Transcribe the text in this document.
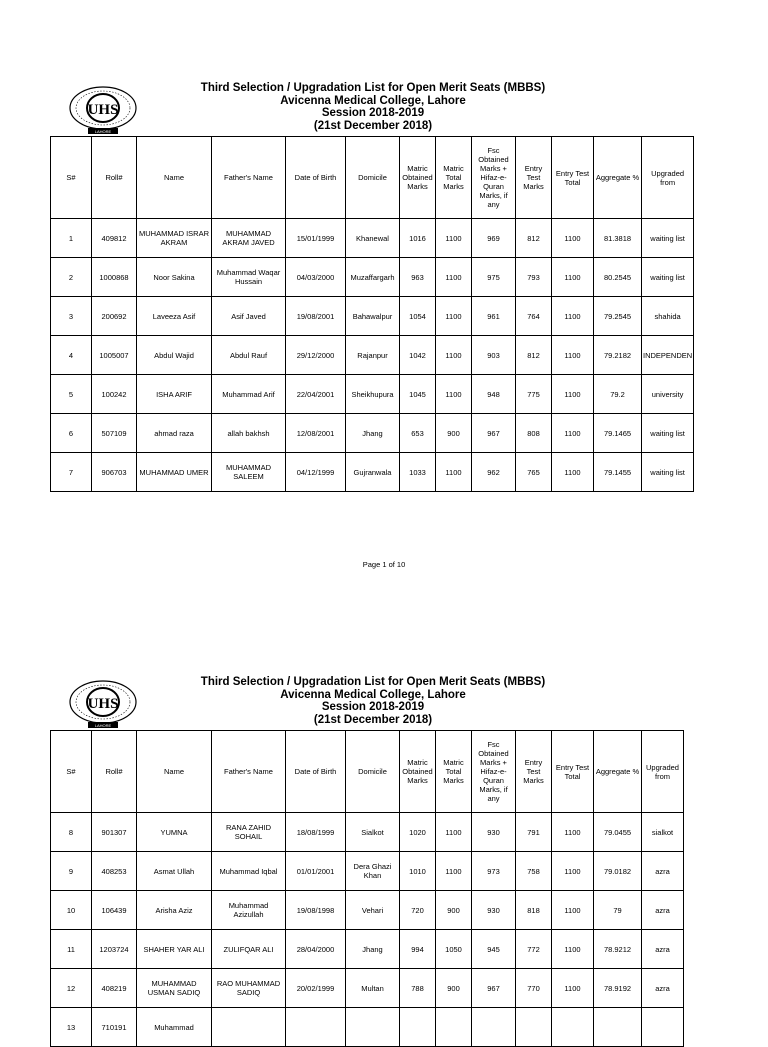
UHS
LAHORE
Third Selection / Upgradation List for Open Merit Seats (MBBS)
Avicenna Medical College, Lahore
Session 2018-2019
(21st December 2018)
S#	Roll#	Name	Father's Name	Date of Birth	Domicile	Matric Obtained Marks	Matric Total Marks	Fsc Obtained Marks + Hifaz-e-Quran Marks, if any	Entry Test Marks	Entry Test Total	Aggregate %	Upgraded from
1	409812	MUHAMMAD ISRAR AKRAM	MUHAMMAD AKRAM JAVED	15/01/1999	Khanewal	1016	1100	969	812	1100	81.3818	waiting list
2	1000868	Noor Sakina	Muhammad Waqar Hussain	04/03/2000	Muzaffargarh	963	1100	975	793	1100	80.2545	waiting list
3	200692	Laveeza Asif	Asif Javed	19/08/2001	Bahawalpur	1054	1100	961	764	1100	79.2545	shahida
4	1005007	Abdul Wajid	Abdul Rauf	29/12/2000	Rajanpur	1042	1100	903	812	1100	79.2182	INDEPENDEN
5	100242	ISHA ARIF	Muhammad Arif	22/04/2001	Sheikhupura	1045	1100	948	775	1100	79.2	university
6	507109	ahmad raza	allah bakhsh	12/08/2001	Jhang	653	900	967	808	1100	79.1465	waiting list
7	906703	MUHAMMAD UMER	MUHAMMAD SALEEM	04/12/1999	Gujranwala	1033	1100	962	765	1100	79.1455	waiting list
Page 1 of 10
UHS
LAHORE
Third Selection / Upgradation List for Open Merit Seats (MBBS)
Avicenna Medical College, Lahore
Session 2018-2019
(21st December 2018)
S#	Roll#	Name	Father's Name	Date of Birth	Domicile	Matric Obtained Marks	Matric Total Marks	Fsc Obtained Marks + Hifaz-e-Quran Marks, if any	Entry Test Marks	Entry Test Total	Aggregate %	Upgraded from
8	901307	YUMNA	RANA ZAHID SOHAIL	18/08/1999	Sialkot	1020	1100	930	791	1100	79.0455	sialkot
9	408253	Asmat Ullah	Muhammad Iqbal	01/01/2001	Dera Ghazi Khan	1010	1100	973	758	1100	79.0182	azra
10	106439	Arisha Aziz	Muhammad Azizullah	19/08/1998	Vehari	720	900	930	818	1100	79	azra
11	1203724	SHAHER YAR ALI	ZULIFQAR ALI	28/04/2000	Jhang	994	1050	945	772	1100	78.9212	azra
12	408219	MUHAMMAD USMAN SADIQ	RAO MUHAMMAD SADIQ	20/02/1999	Multan	788	900	967	770	1100	78.9192	azra
13	710191	Muhammad										
